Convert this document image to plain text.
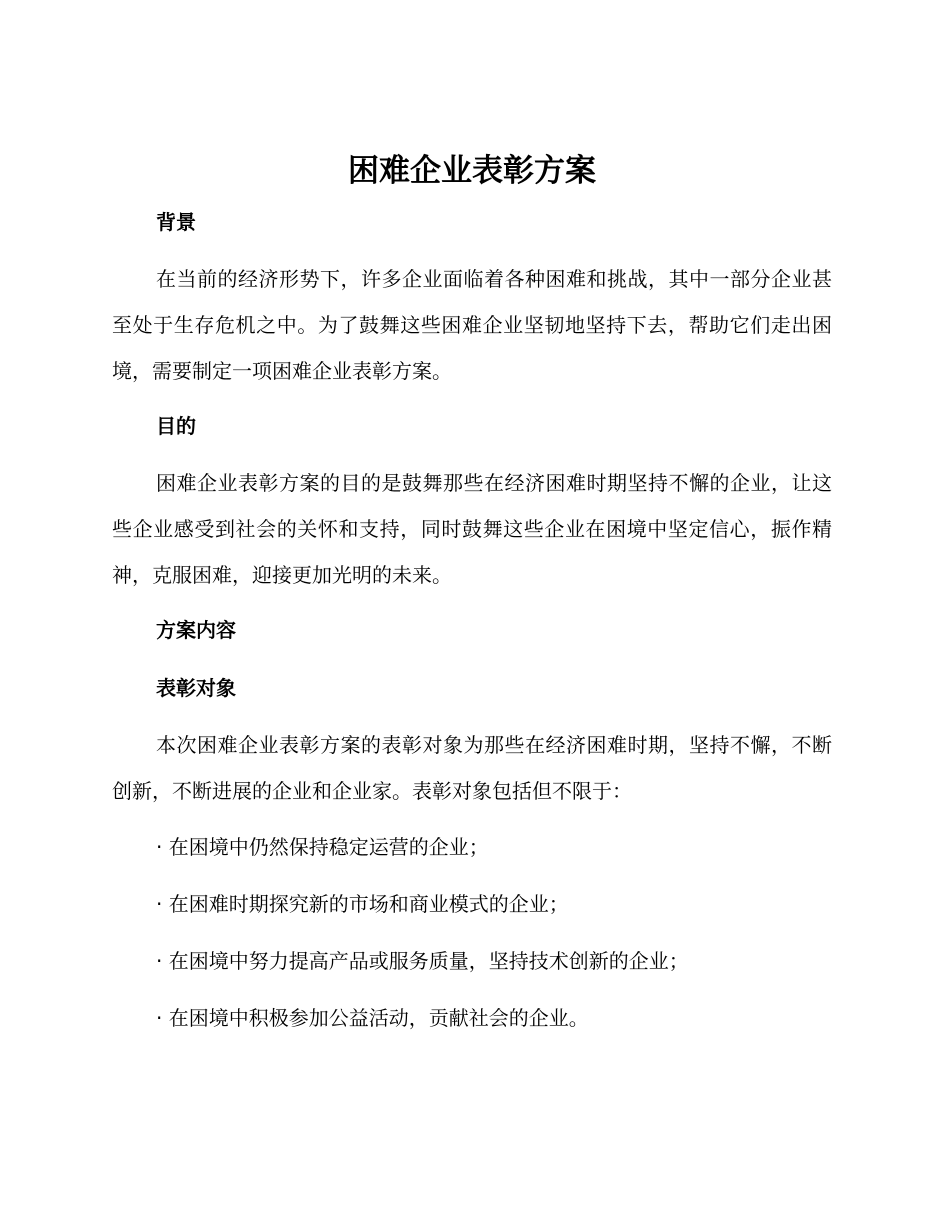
困难企业表彰方案
背景

在当前的经济形势下，许多企业面临着各种困难和挑战，其中一部分企业甚至处于生存危机之中。为了鼓舞这些困难企业坚韧地坚持下去，帮助它们走出困境，需要制定一项困难企业表彰方案。

目的

困难企业表彰方案的目的是鼓舞那些在经济困难时期坚持不懈的企业，让这些企业感受到社会的关怀和支持，同时鼓舞这些企业在困境中坚定信心，振作精神，克服困难，迎接更加光明的未来。

方案内容
表彰对象

本次困难企业表彰方案的表彰对象为那些在经济困难时期，坚持不懈，不断创新，不断进展的企业和企业家。表彰对象包括但不限于：

· 在困境中仍然保持稳定运营的企业；

· 在困难时期探究新的市场和商业模式的企业；

· 在困境中努力提高产品或服务质量，坚持技术创新的企业；

· 在困境中积极参加公益活动，贡献社会的企业。
